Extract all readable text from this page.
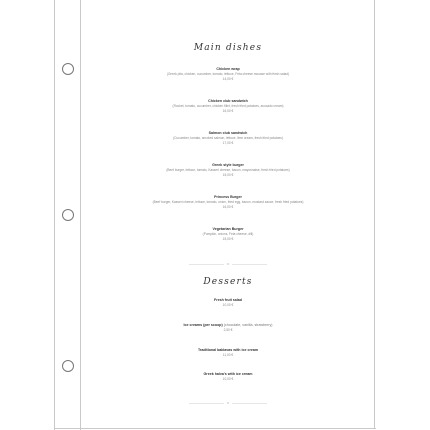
Main dishes
Chicken wrap
(Greek pita, chicken, cucumber, tomato, lettuce, Feta cheese mousse with fresh salad)
14,00 €
Chicken club sandwich
(Rocket, tomato, cucumber, chicken fillet, fresh fried potatoes, avocado cream)
16,00 €
Salmon club sandwich
(Cucumber, tomato, smoked salmon, lettuce, lime cream, fresh fried potatoes)
17,00 €
Greek style burger
(Beef burger, lettuce, tomato, Kasseri cheese, bacon, mayonnaise, fresh fried potatoes)
15,00 €
Princess Burger
(Beef burger, Kasseri cheese, lettuce, tomato, onion, fried egg, bacon, mustard sauce, fresh fried potatoes)
16,00 €
Vegetarian Burger
(Pumpkin, onions, Feta cheese, dill)
15,00 €
∞
Desserts
Fresh fruit salad
10,00 €
Ice creams (per scoop) (chocolate, vanilla, strawberry)
2,50 €
Traditional baklavas with ice cream
11,00 €
Greek halva's with ice cream
10,00 €
∞
